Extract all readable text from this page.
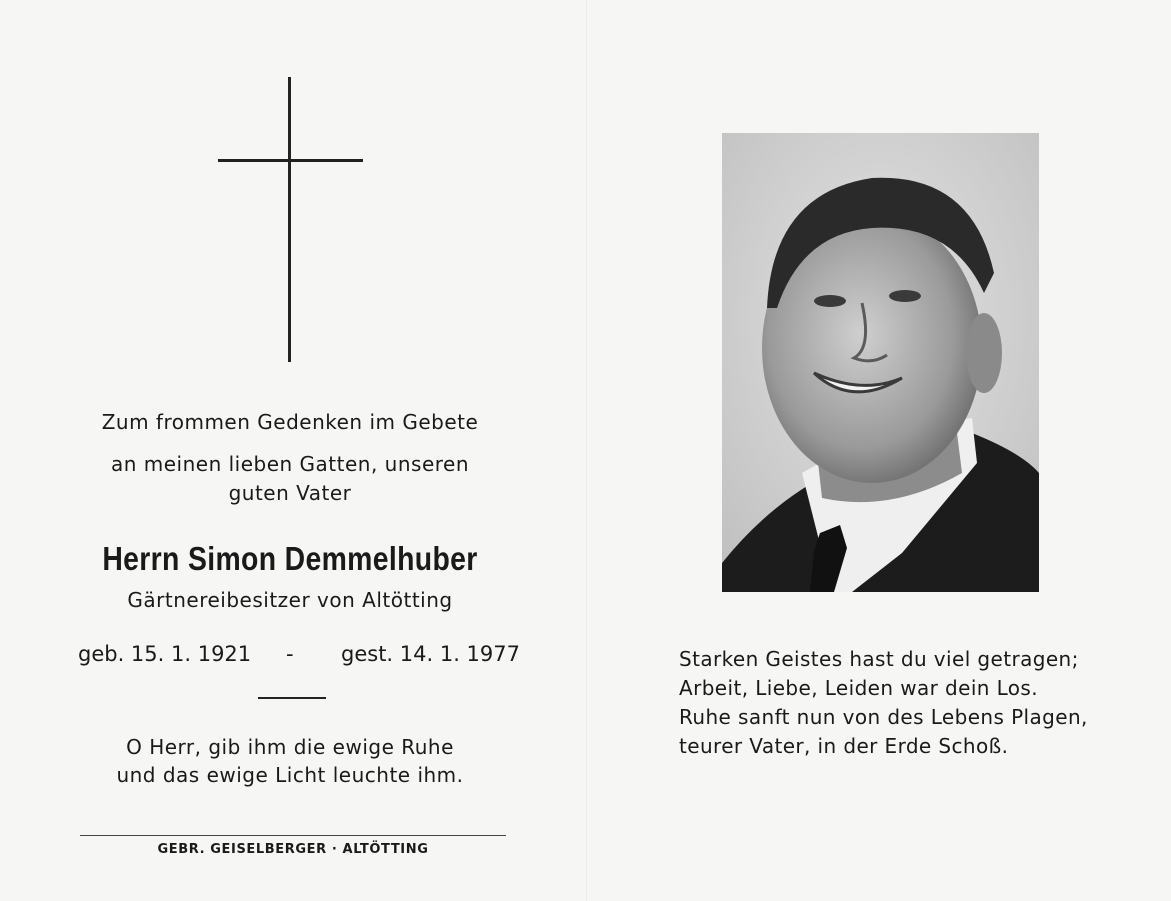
Zum frommen Gedenken im Gebete
an meinen lieben Gatten, unseren
guten Vater
Herrn Simon Demmelhuber
Gärtnereibesitzer von Altötting
geb. 15. 1. 1921 - gest. 14. 1. 1977
O Herr, gib ihm die ewige Ruhe
und das ewige Licht leuchte ihm.
GEBR. GEISELBERGER · ALTÖTTING
Starken Geistes hast du viel getragen;
Arbeit, Liebe, Leiden war dein Los.
Ruhe sanft nun von des Lebens Plagen,
teurer Vater, in der Erde Schoß.
